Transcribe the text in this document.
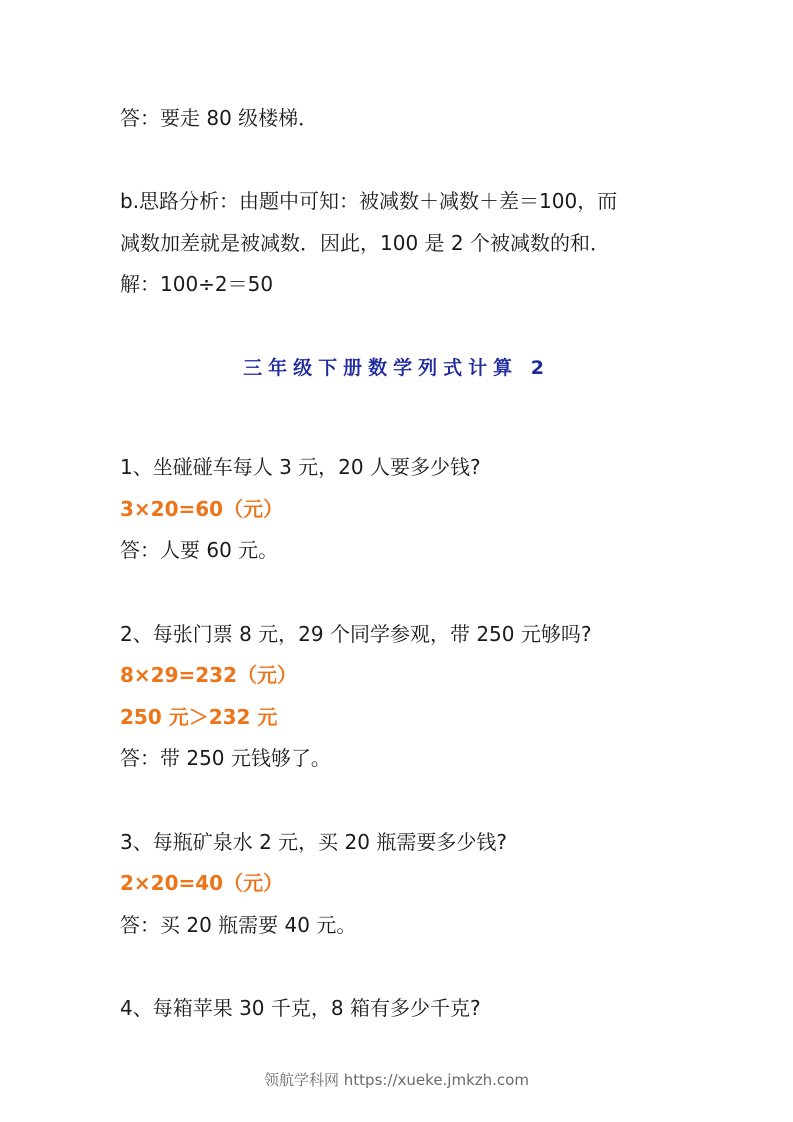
答：要走 80 级楼梯．

b.思路分析：由题中可知：被减数＋减数＋差＝100，而

减数加差就是被减数．因此，100 是 2 个被减数的和．

解：100÷2＝50

三年级下册数学列式计算 2

1、坐碰碰车每人 3 元，20 人要多少钱?

3×20=60（元）

答：人要 60 元。

2、每张门票 8 元，29 个同学参观，带 250 元够吗?

8×29=232（元）

250 元＞232 元

答：带 250 元钱够了。

3、每瓶矿泉水 2 元，买 20 瓶需要多少钱?

2×20=40（元）

答：买 20 瓶需要 40 元。

4、每箱苹果 30 千克，8 箱有多少千克?

领航学科网 https://xueke.jmkzh.com
